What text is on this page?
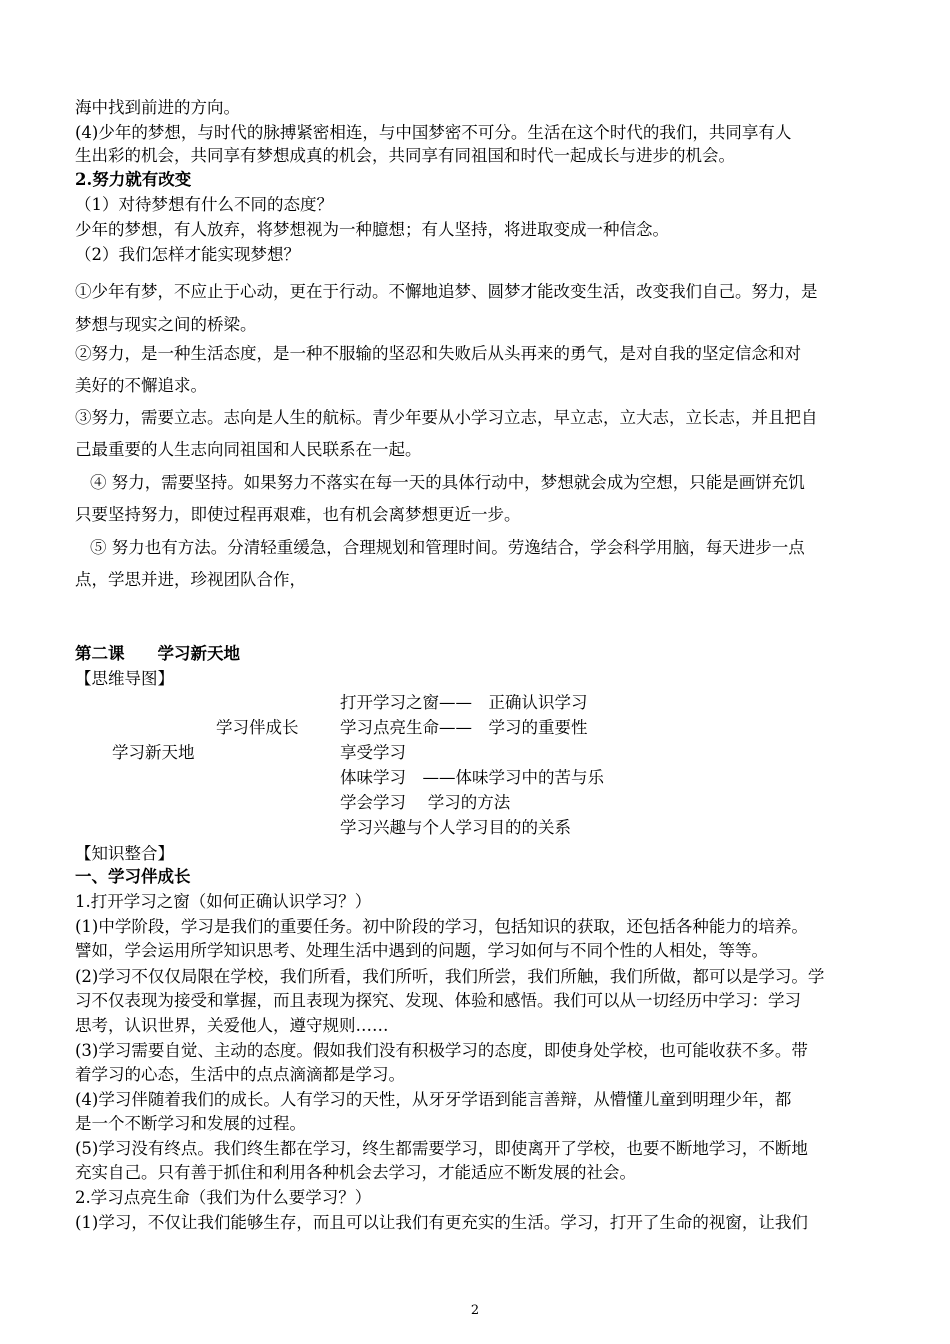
海中找到前进的方向。
(4)少年的梦想，与时代的脉搏紧密相连，与中国梦密不可分。生活在这个时代的我们，共同享有人
生出彩的机会，共同享有梦想成真的机会，共同享有同祖国和时代一起成长与进步的机会。
2.努力就有改变
（1）对待梦想有什么不同的态度？
少年的梦想，有人放弃，将梦想视为一种臆想；有人坚持，将进取变成一种信念。
（2）我们怎样才能实现梦想？
①少年有梦，不应止于心动，更在于行动。不懈地追梦、圆梦才能改变生活，改变我们自己。努力，是
梦想与现实之间的桥梁。
②努力，是一种生活态度，是一种不服输的坚忍和失败后从头再来的勇气，是对自我的坚定信念和对
美好的不懈追求。
③努力，需要立志。志向是人生的航标。青少年要从小学习立志，早立志，立大志，立长志，并且把自
己最重要的人生志向同祖国和人民联系在一起。
④ 努力，需要坚持。如果努力不落实在每一天的具体行动中，梦想就会成为空想，只能是画饼充饥
只要坚持努力，即使过程再艰难，也有机会离梦想更近一步。
⑤ 努力也有方法。分清轻重缓急，合理规划和管理时间。劳逸结合，学会科学用脑，每天进步一点
点，学思并进，珍视团队合作，
第二课　　学习新天地
【思维导图】
学习新天地
学习伴成长
打开学习之窗——　正确认识学习
学习点亮生命——　学习的重要性
享受学习
体味学习　——体味学习中的苦与乐
学会学习　 学习的方法
学习兴趣与个人学习目的的关系
【知识整合】
一、学习伴成长
1.打开学习之窗（如何正确认识学习？）
(1)中学阶段，学习是我们的重要任务。初中阶段的学习，包括知识的获取，还包括各种能力的培养。
譬如，学会运用所学知识思考、处理生活中遇到的问题，学习如何与不同个性的人相处，等等。
(2)学习不仅仅局限在学校，我们所看，我们所听，我们所尝，我们所触，我们所做，都可以是学习。学
习不仅表现为接受和掌握，而且表现为探究、发现、体验和感悟。我们可以从一切经历中学习：学习
思考，认识世界，关爱他人，遵守规则……
(3)学习需要自觉、主动的态度。假如我们没有积极学习的态度，即使身处学校，也可能收获不多。带
着学习的心态，生活中的点点滴滴都是学习。
(4)学习伴随着我们的成长。人有学习的天性，从牙牙学语到能言善辩，从懵懂儿童到明理少年，都
是一个不断学习和发展的过程。
(5)学习没有终点。我们终生都在学习，终生都需要学习，即使离开了学校，也要不断地学习，不断地
充实自己。只有善于抓住和利用各种机会去学习，才能适应不断发展的社会。
2.学习点亮生命（我们为什么要学习？）
(1)学习，不仅让我们能够生存，而且可以让我们有更充实的生活。学习，打开了生命的视窗，让我们
2
